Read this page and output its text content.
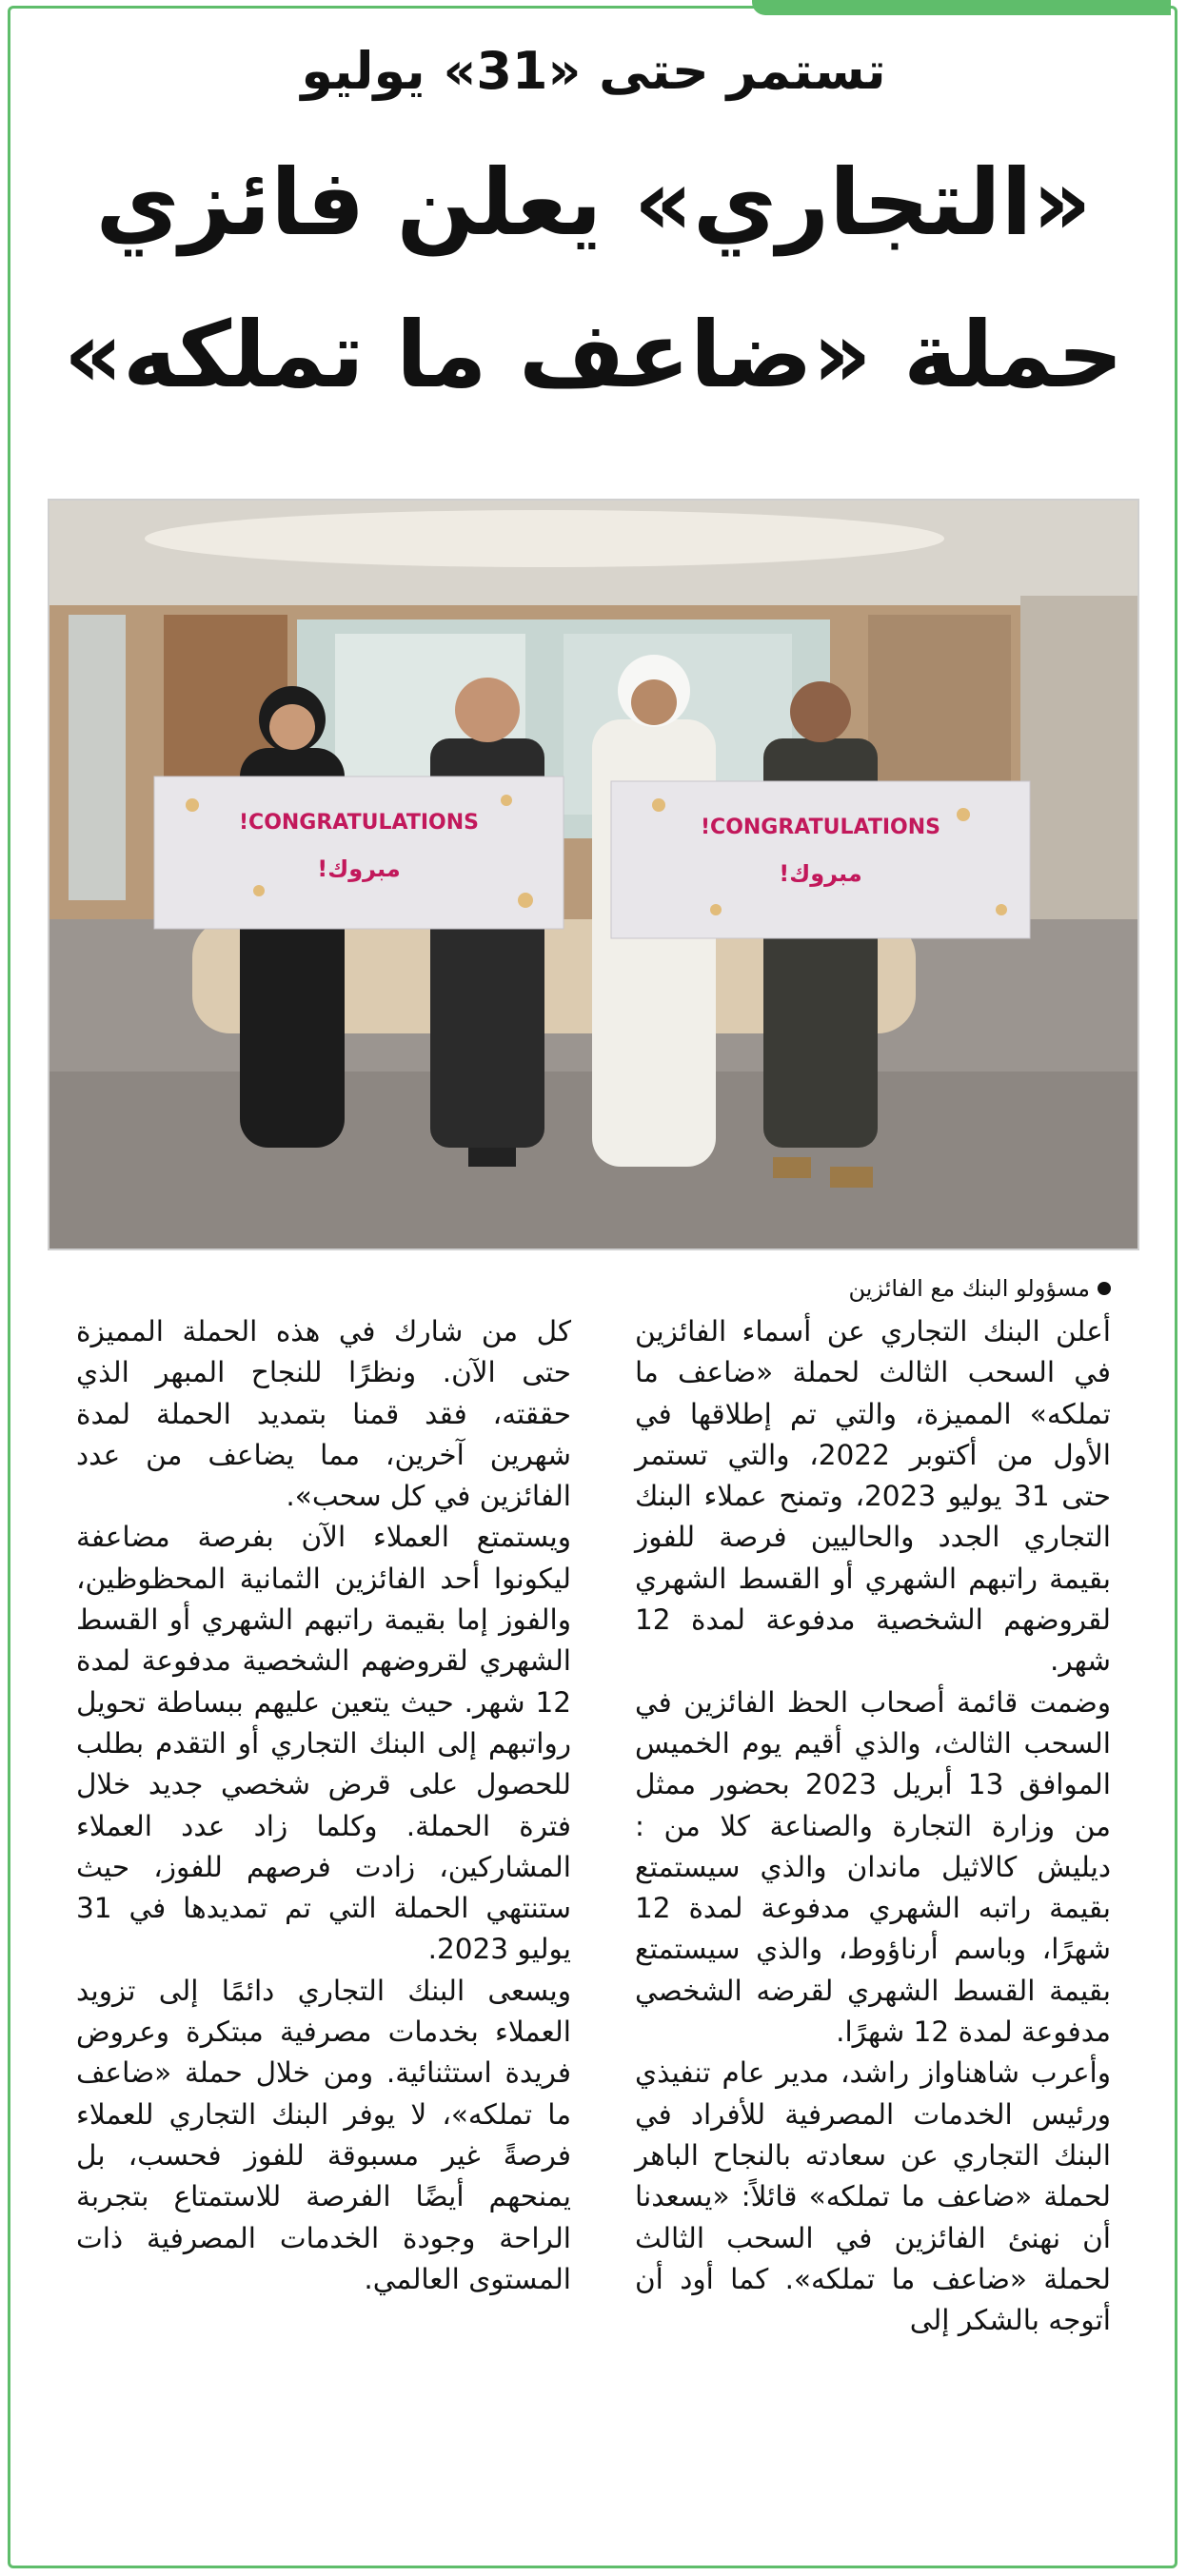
تستمر حتى «31» يوليو
«التجاري» يعلن فائزي
حملة «ضاعف ما تملكه»
CONGRATULATIONS!	CONGRATULATIONS!
مبروك!	مبروك!
مسؤولو البنك مع الفائزين

أعلن البنك التجاري عن أسماء الفائزين في السحب الثالث لحملة «ضاعف ما تملكه» المميزة، والتي تم إطلاقها في الأول من أكتوبر 2022، والتي تستمر حتى 31 يوليو 2023، وتمنح عملاء البنك التجاري الجدد والحاليين فرصة للفوز بقيمة راتبهم الشهري أو القسط الشهري لقروضهم الشخصية مدفوعة لمدة 12 شهر.

وضمت قائمة أصحاب الحظ الفائزين في السحب الثالث، والذي أقيم يوم الخميس الموافق 13 أبريل 2023 بحضور ممثل من وزارة التجارة والصناعة كلا من : ديليش كالاثيل ماندان والذي سيستمتع بقيمة راتبه الشهري مدفوعة لمدة 12 شهرًا، وباسم أرناؤوط، والذي سيستمتع بقيمة القسط الشهري لقرضه الشخصي مدفوعة لمدة 12 شهرًا.

وأعرب شاهناواز راشد، مدير عام تنفيذي ورئيس الخدمات المصرفية للأفراد في البنك التجاري عن سعادته بالنجاح الباهر لحملة «ضاعف ما تملكه» قائلاً: «يسعدنا أن نهنئ الفائزين في السحب الثالث لحملة «ضاعف ما تملكه». كما أود أن أتوجه بالشكر إلى

كل من شارك في هذه الحملة المميزة حتى الآن. ونظرًا للنجاح المبهر الذي حققته، فقد قمنا بتمديد الحملة لمدة شهرين آخرين، مما يضاعف من عدد الفائزين في كل سحب».

ويستمتع العملاء الآن بفرصة مضاعفة ليكونوا أحد الفائزين الثمانية المحظوظين، والفوز إما بقيمة راتبهم الشهري أو القسط الشهري لقروضهم الشخصية مدفوعة لمدة 12 شهر. حيث يتعين عليهم ببساطة تحويل رواتبهم إلى البنك التجاري أو التقدم بطلب للحصول على قرض شخصي جديد خلال فترة الحملة. وكلما زاد عدد العملاء المشاركين، زادت فرصهم للفوز، حيث ستنتهي الحملة التي تم تمديدها في 31 يوليو 2023.

ويسعى البنك التجاري دائمًا إلى تزويد العملاء بخدمات مصرفية مبتكرة وعروض فريدة استثنائية. ومن خلال حملة «ضاعف ما تملكه»، لا يوفر البنك التجاري للعملاء فرصةً غير مسبوقة للفوز فحسب، بل يمنحهم أيضًا الفرصة للاستمتاع بتجربة الراحة وجودة الخدمات المصرفية ذات المستوى العالمي.
